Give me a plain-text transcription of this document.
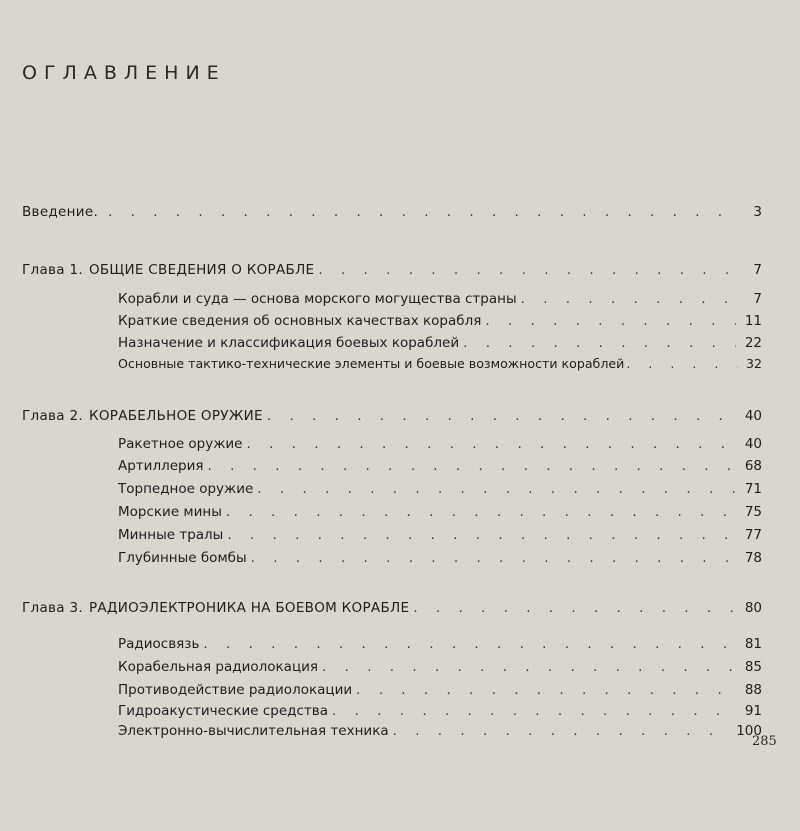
ОГЛАВЛЕНИЕ
Введение. . . .	3
Глава 1. ОБЩИЕ СВЕДЕНИЯ О КОРАБЛЕ . . .	7
Корабли и суда — основа морского могущества страны . . .	7
Краткие сведения об основных качествах корабля . . .	11
Назначение и классификация боевых кораблей . . .	22
Основные тактико-технические элементы и боевые возможности кораблей . . .	32
Глава 2. КОРАБЕЛЬНОЕ ОРУЖИЕ . . .	40
Ракетное оружие . . .	40
Артиллерия . . .	68
Торпедное оружие . . .	71
Морские мины . . .	75
Минные тралы . . .	77
Глубинные бомбы . . .	78
Глава 3. РАДИОЭЛЕКТРОНИКА НА БОЕВОМ КОРАБЛЕ . . .	80
Радиосвязь . . .	81
Корабельная радиолокация . . .	85
Противодействие радиолокации . . .	88
Гидроакустические средства . . .	91
Электронно-вычислительная техника . . .	100
285
